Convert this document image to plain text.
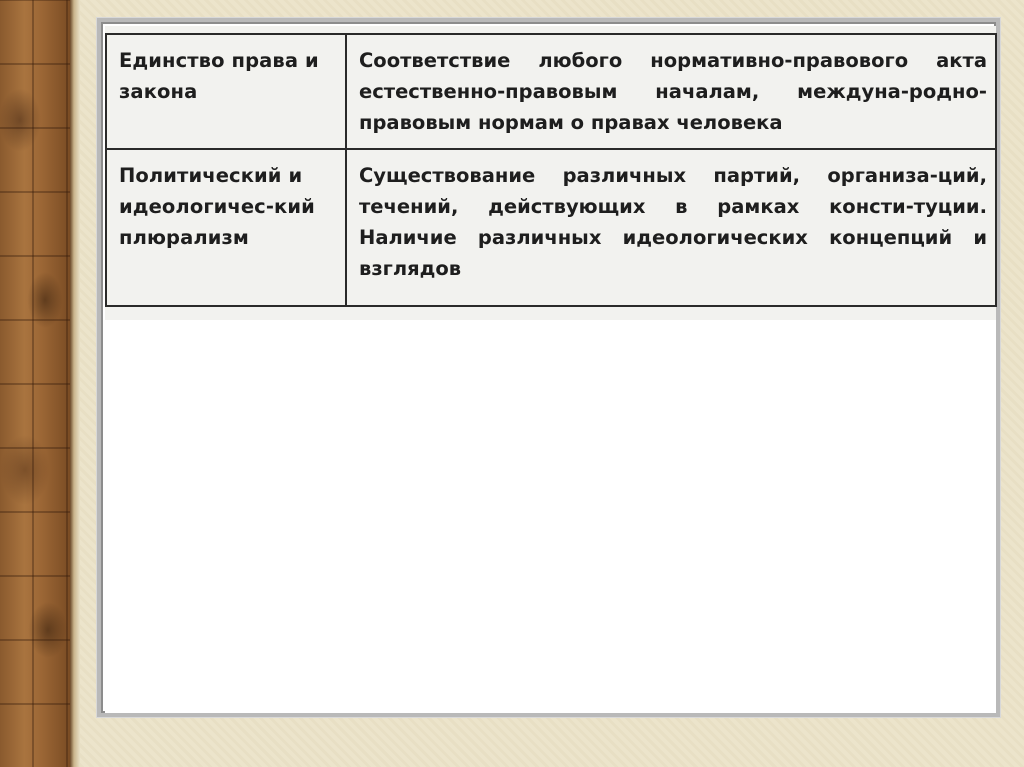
Единство права и закона	Соответствие любого нормативно-правового акта естественно-правовым началам, междуна-родно-правовым нормам о правах человека
Политический и идеологичес-кий плюрализм	Существование различных партий, организа-ций, течений, действующих в рамках консти-туции. Наличие различных идеологических концепций и взглядов
